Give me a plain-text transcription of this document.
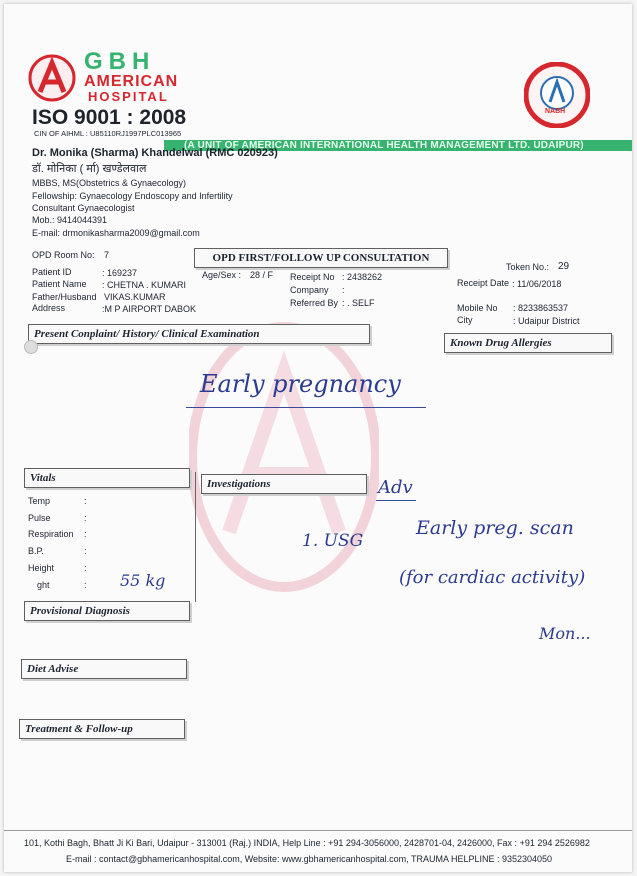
GBH
AMERICAN
HOSPITAL
ISO 9001 : 2008
CIN OF AIHML : U85110RJ1997PLC013965
NABH
(A UNIT OF AMERICAN INTERNATIONAL HEALTH MANAGEMENT LTD. UDAIPUR)
Dr. Monika (Sharma) Khandelwal (RMC 020923)
डॉ. मोनिका ( र्मा) खण्डेलवाल
MBBS, MS(Obstetrics & Gynaecology)
Fellowship: Gynaecology Endoscopy and Infertility
Consultant Gynaecologist
Mob.: 9414044391
E-mail: drmonikasharma2009@gmail.com
OPD Room No: 7	OPD FIRST/FOLLOW UP CONSULTATION
Token No.: 29
Patient ID	: 169237
Patient Name : CHETNA . KUMARI
Father/Husband VIKAS.KUMAR
Address	:M P AIRPORT DABOK
Age/Sex : 28 / F Receipt No : 2438262
Company :
Referred By : . SELF
Receipt Date : 11/06/2018
Mobile No : 8233863537
City	: Udaipur District
Present Conplaint/ History/ Clinical Examination
Known Drug Allergies
Early pregnancy
Vitals
Temp	:
Pulse	:
Respiration :
B.P.	:
Height	:
ght	: 55 kg
Investigations	Adv
1. USG
Early preg. scan
(for cardiac activity)
Mon...
Provisional Diagnosis
Diet Advise
Treatment & Follow-up
101, Kothi Bagh, Bhatt Ji Ki Bari, Udaipur - 313001 (Raj.) INDIA, Help Line : +91 294-3056000, 2428701-04, 2426000, Fax : +91 294 2526982
E-mail : contact@gbhamericanhospital.com, Website: www.gbhamericanhospital.com, TRAUMA HELPLINE : 9352304050
